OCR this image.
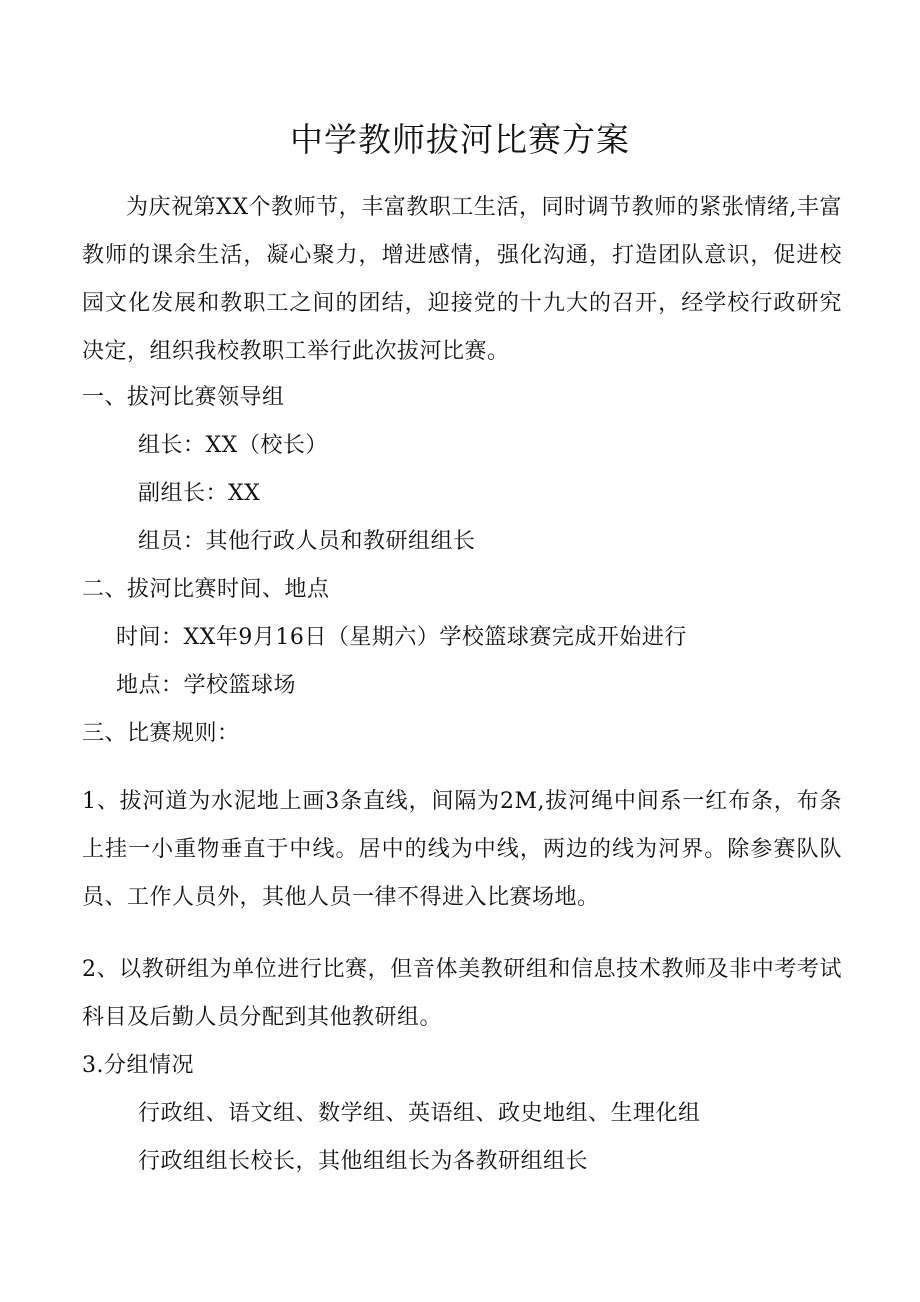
中学教师拔河比赛方案

为庆祝第XX个教师节，丰富教职工生活，同时调节教师的紧张情绪,丰富教师的课余生活，凝心聚力，增进感情，强化沟通，打造团队意识，促进校园文化发展和教职工之间的团结，迎接党的十九大的召开，经学校行政研究决定，组织我校教职工举行此次拔河比赛。

一、拔河比赛领导组

组长：XX（校长）

副组长：XX

组员：其他行政人员和教研组组长

二、拔河比赛时间、地点

时间：XX年9月16日（星期六）学校篮球赛完成开始进行

地点：学校篮球场

三、比赛规则：

1、拔河道为水泥地上画3条直线，间隔为2M,拔河绳中间系一红布条，布条上挂一小重物垂直于中线。居中的线为中线，两边的线为河界。除参赛队队员、工作人员外，其他人员一律不得进入比赛场地。

2、以教研组为单位进行比赛，但音体美教研组和信息技术教师及非中考考试科目及后勤人员分配到其他教研组。

3.分组情况

行政组、语文组、数学组、英语组、政史地组、生理化组

行政组组长校长，其他组组长为各教研组组长
